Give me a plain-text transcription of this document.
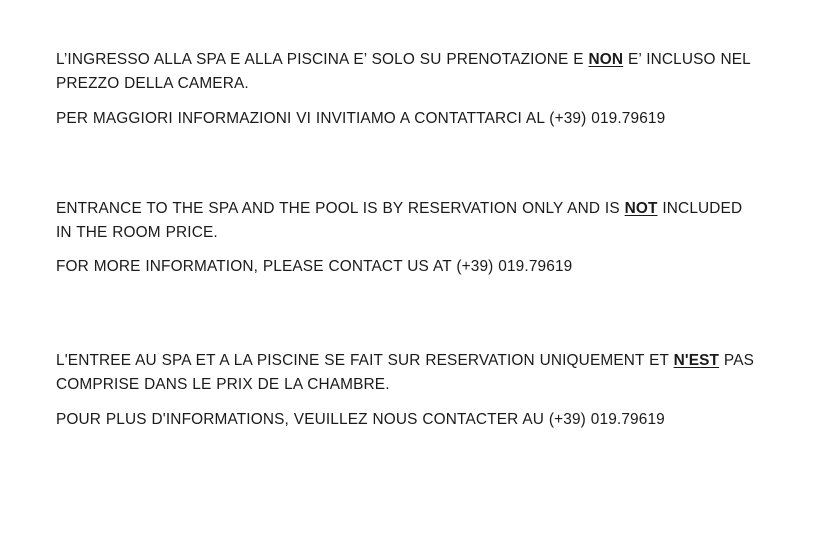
L’INGRESSO ALLA SPA E ALLA PISCINA E’ SOLO SU PRENOTAZIONE E NON E’ INCLUSO NEL PREZZO DELLA CAMERA.

PER MAGGIORI INFORMAZIONI VI INVITIAMO A CONTATTARCI AL (+39) 019.79619

ENTRANCE TO THE SPA AND THE POOL IS BY RESERVATION ONLY AND IS NOT INCLUDED IN THE ROOM PRICE.

FOR MORE INFORMATION, PLEASE CONTACT US AT (+39) 019.79619

L'ENTREE AU SPA ET A LA PISCINE SE FAIT SUR RESERVATION UNIQUEMENT ET N'EST PAS COMPRISE DANS LE PRIX DE LA CHAMBRE.

POUR PLUS D'INFORMATIONS, VEUILLEZ NOUS CONTACTER AU (+39) 019.79619
